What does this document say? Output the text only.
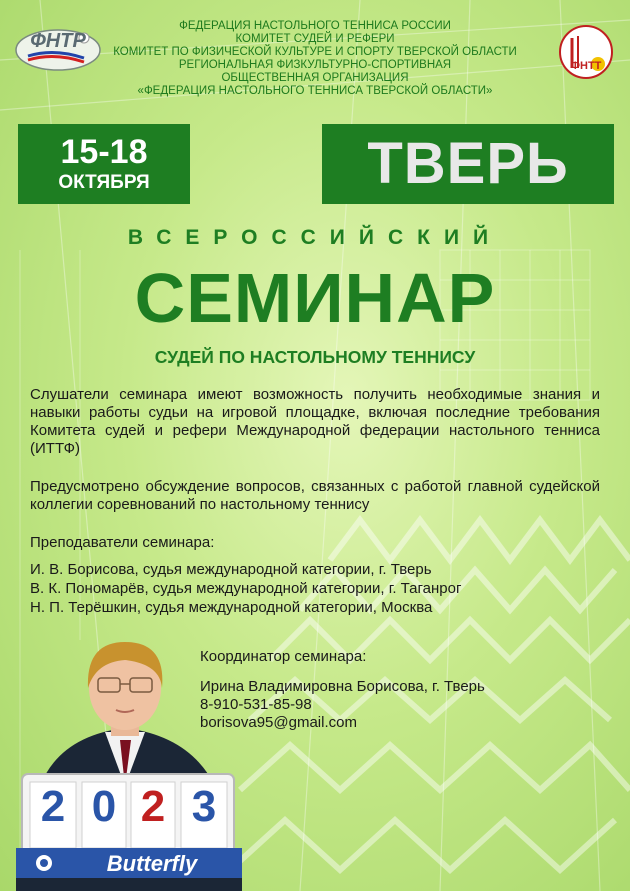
ФНТР
ФЕДЕРАЦИЯ НАСТОЛЬНОГО ТЕННИСА РОССИИ
КОМИТЕТ СУДЕЙ И РЕФЕРИ
КОМИТЕТ ПО ФИЗИЧЕСКОЙ КУЛЬТУРЕ И СПОРТУ ТВЕРСКОЙ ОБЛАСТИ
РЕГИОНАЛЬНАЯ ФИЗКУЛЬТУРНО-СПОРТИВНАЯ
ОБЩЕСТВЕННАЯ ОРГАНИЗАЦИЯ
«ФЕДЕРАЦИЯ НАСТОЛЬНОГО ТЕННИСА ТВЕРСКОЙ ОБЛАСТИ»
ФНТТ
15-18
ОКТЯБРЯ	ТВЕРЬ
ВСЕРОССИЙСКИЙ
СЕМИНАР
СУДЕЙ ПО НАСТОЛЬНОМУ ТЕННИСУ

Слушатели семинара имеют возможность получить необходимые знания и навыки работы судьи на игровой площадке, включая последние требования Комитета судей и рефери Международной федерации настольного тенниса (ИТТФ)

Предусмотрено обсуждение вопросов, связанных с работой главной судейской коллегии соревнований по настольному теннису

Преподаватели семинара:

И. В. Борисова, судья международной категории, г. Тверь
В. К. Пономарёв, судья международной категории, г. Таганрог
Н. П. Терёшкин, судья международной категории, Москва
Координатор семинара:
Ирина Владимировна Борисова, г. Тверь
8-910-531-85-98
borisova95@gmail.com
2 0 2 3
Butterfly
